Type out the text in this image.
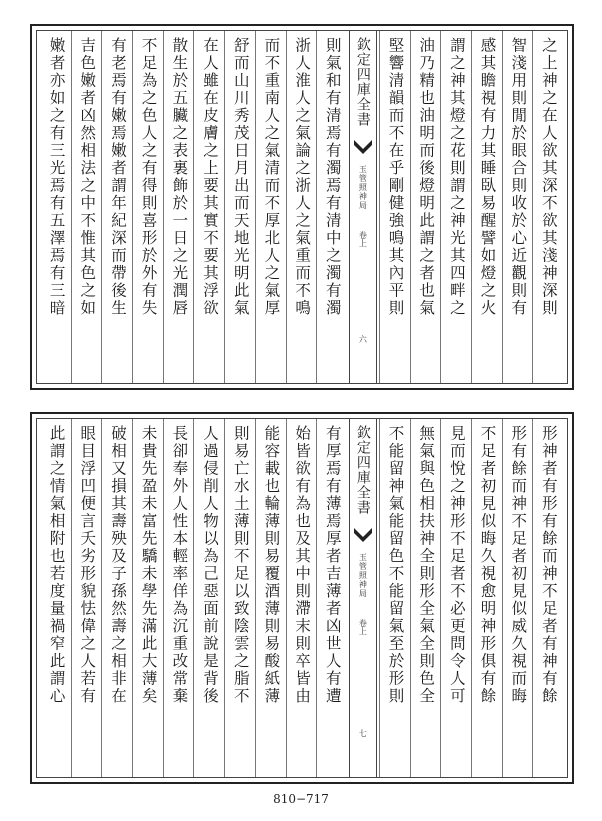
之上神之在人欲其深不欲其淺神深則
智淺用則閒於眼合則收於心近觀則有
感其瞻視有力其睡臥易醒譬如燈之火
謂之神其燈之花則謂之神光其四畔之
油乃精也油明而後燈明此謂之者也氣
堅響清韻而不在乎剛健強鳴其內平則
欽定四庫全書
玉管照神局
卷上
六
則氣和有清焉有濁焉有清中之濁有濁
浙人淮人之氣論之浙人之氣重而不鳴
而不重南人之氣清而不厚北人之氣厚
舒而山川秀茂日月出而天地光明此氣
在人雖在皮膚之上要其實不要其浮欲
散生於五臟之表裏飾於一日之光潤唇
不足為之色人之有得則喜形於外有失
有老焉有嫩焉嫩者謂年紀深而帶後生
吉色嫩者凶然相法之中不惟其色之如
嫩者亦如之有三光焉有五澤焉有三暗
形神者有形有餘而神不足者有神有餘
形有餘而神不足者初見似威久視而晦
不足者初見似晦久視愈明神形俱有餘
見而悅之神形不足者不必更問令人可
無氣與色相扶神全則形全氣全則色全
不能留神氣能留色不能留氣至於形則
欽定四庫全書
玉管照神局
卷上
七
有厚焉有薄焉厚者吉薄者凶世人有遭
始皆欲有為也及其中則滯末則卒皆由
能容載也輪薄則易覆酒薄則易酸紙薄
則易亡水土薄則不足以致陰雲之脂不
人過侵削人物以為己惡面前說是背後
長卻奉外人性本輕率佯為沉重改常棄
未貴先盈未富先驕未學先滿此大薄矣
破相又損其壽殃及子孫然壽之相非在
眼目浮凹便言夭劣形貌怯偉之人若有
此謂之情氣相附也若度量禍窄此謂心
810−717
